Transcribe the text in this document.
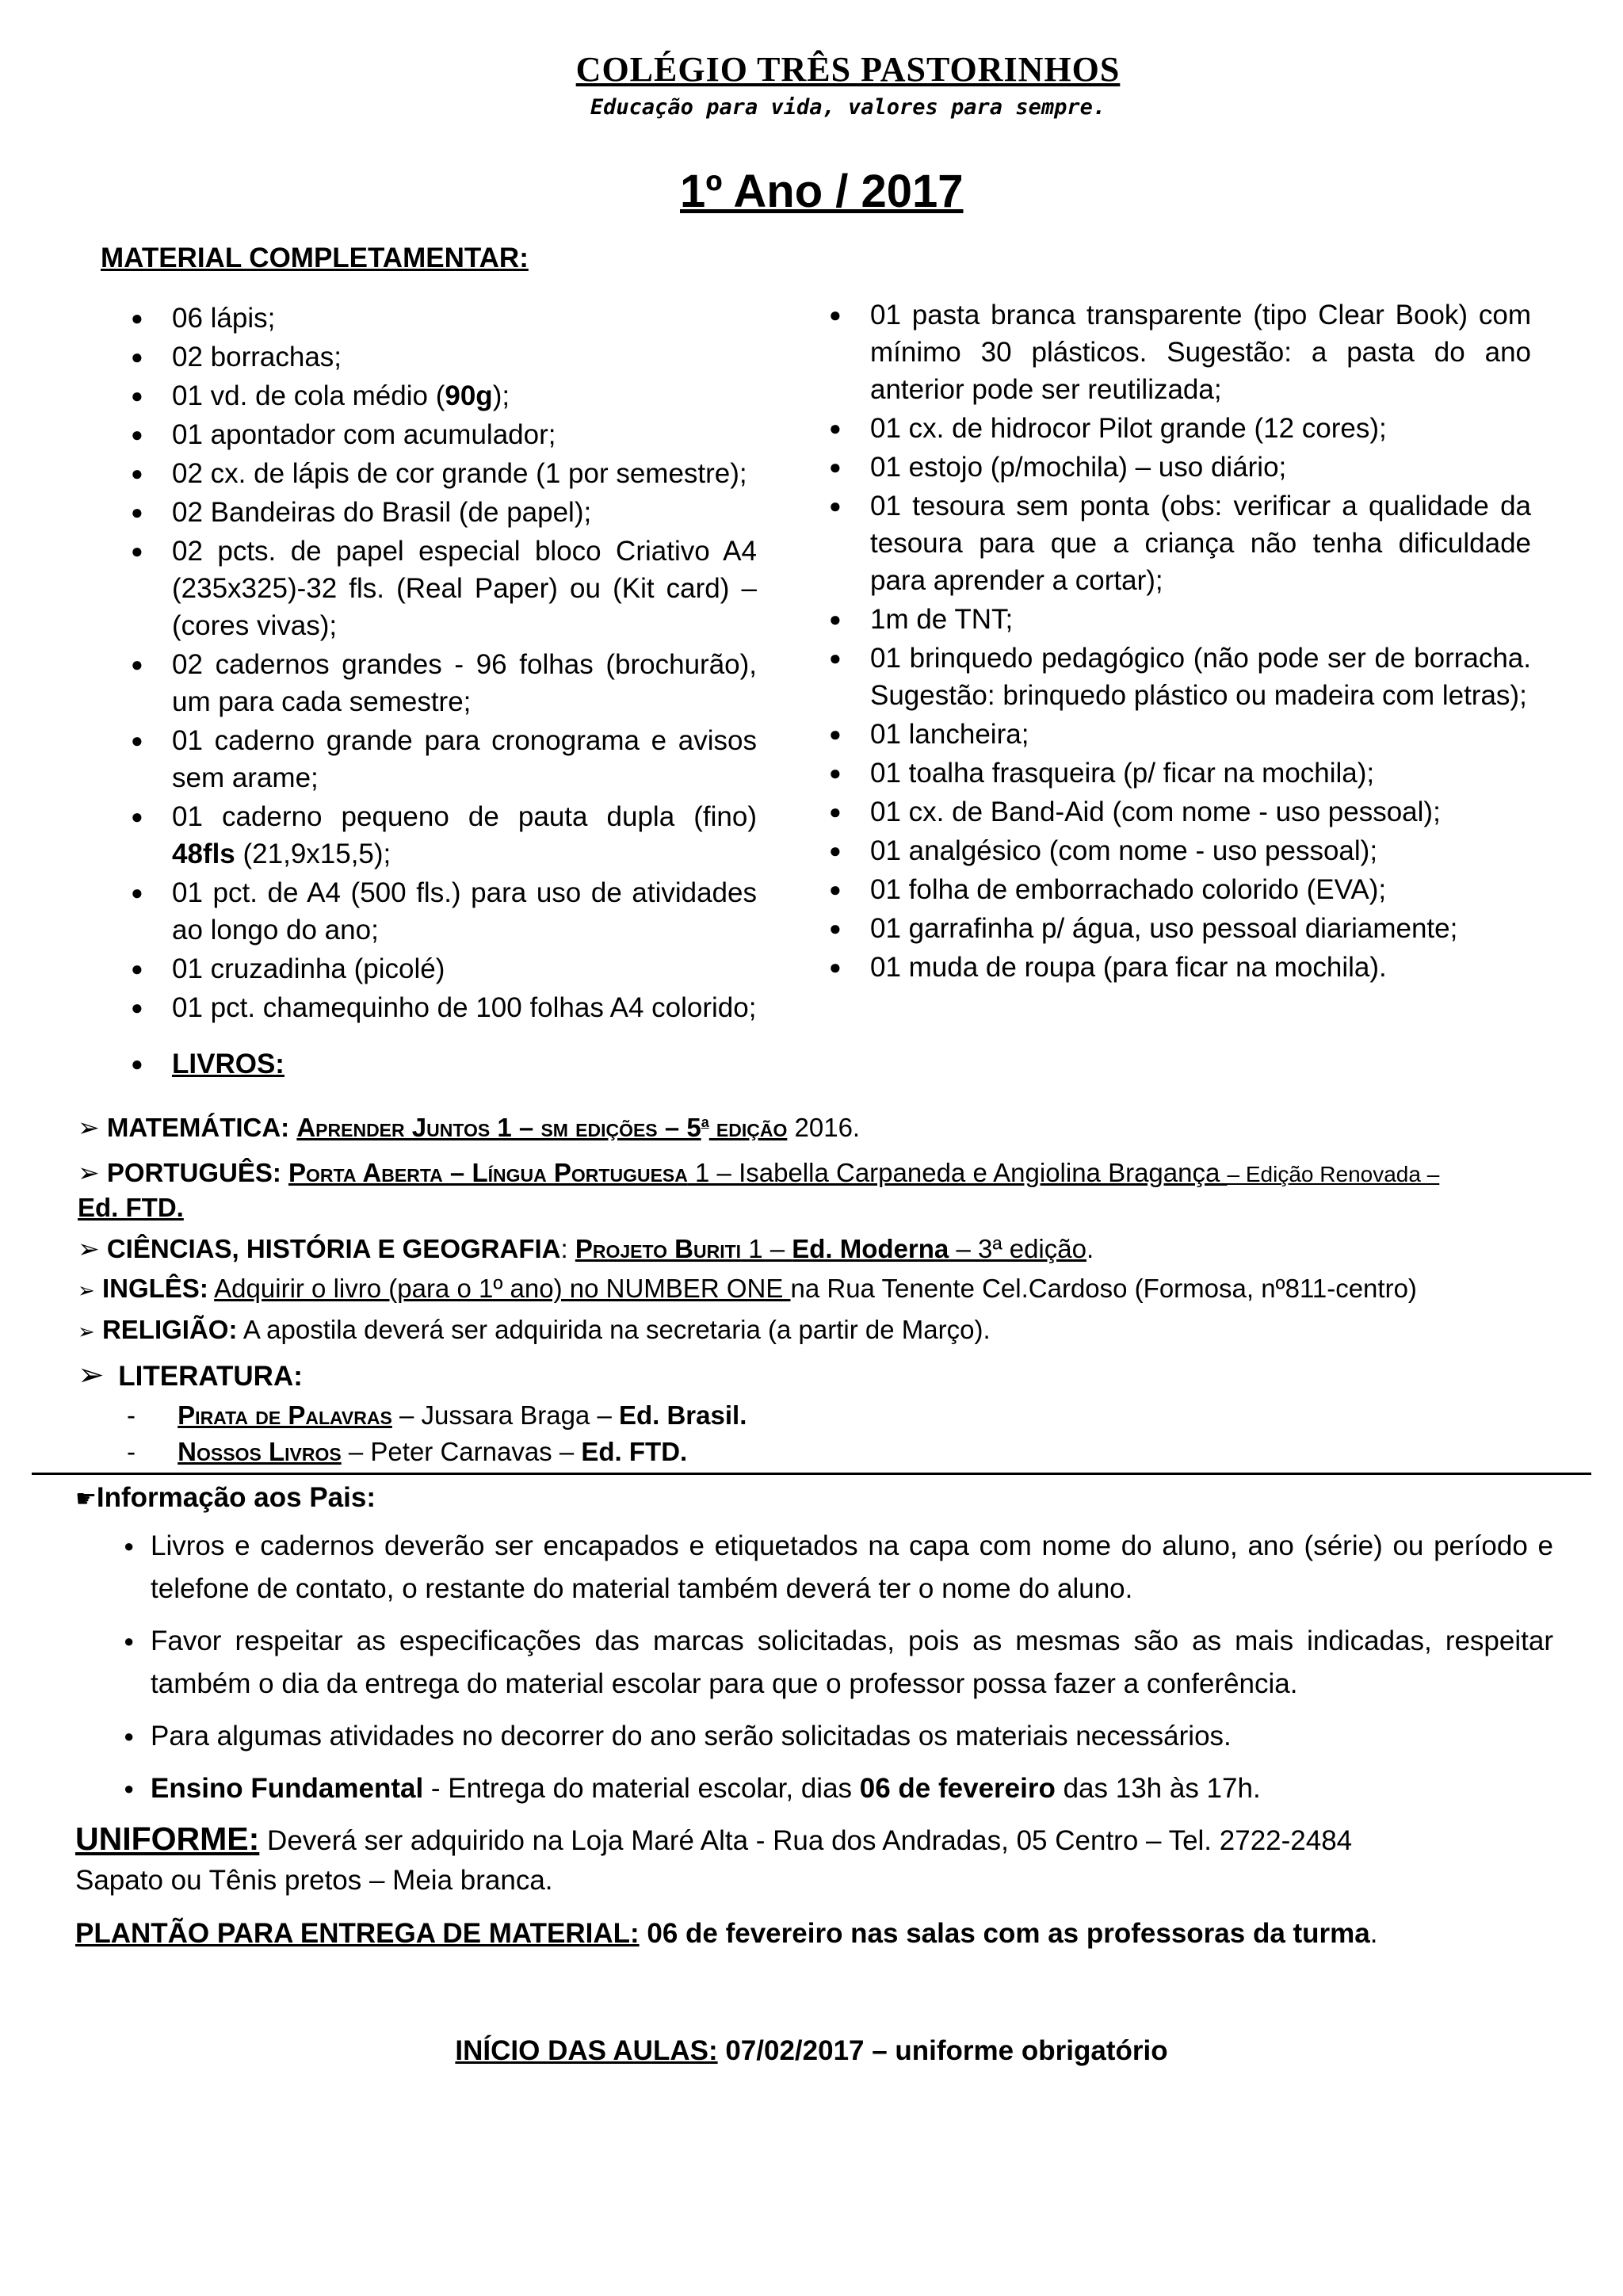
COLÉGIO TRÊS PASTORINHOS
Educação para vida, valores para sempre.
1º Ano / 2017
MATERIAL COMPLETAMENTAR:
● 06 lápis;
● 02 borrachas;
● 01 vd. de cola médio (90g);
● 01 apontador com acumulador;
● 02 cx. de lápis de cor grande (1 por semestre);
● 02 Bandeiras do Brasil (de papel);
● 02 pcts. de papel especial bloco Criativo A4 (235x325)-32 fls. (Real Paper) ou (Kit card) – (cores vivas);
● 02 cadernos grandes - 96 folhas (brochurão), um para cada semestre;
● 01 caderno grande para cronograma e avisos sem arame;
● 01 caderno pequeno de pauta dupla (fino) 48fls (21,9x15,5);
● 01 pct. de A4 (500 fls.) para uso de atividades ao longo do ano;
● 01 cruzadinha (picolé)
● 01 pct. chamequinho de 100 folhas A4 colorido;
● 01 pasta branca transparente (tipo Clear Book) com mínimo 30 plásticos. Sugestão: a pasta do ano anterior pode ser reutilizada;
● 01 cx. de hidrocor Pilot grande (12 cores);
● 01 estojo (p/mochila) – uso diário;
● 01 tesoura sem ponta (obs: verificar a qualidade da tesoura para que a criança não tenha dificuldade para aprender a cortar);
● 1m de TNT;
● 01 brinquedo pedagógico (não pode ser de borracha. Sugestão: brinquedo plástico ou madeira com letras);
● 01 lancheira;
● 01 toalha frasqueira (p/ ficar na mochila);
● 01 cx. de Band-Aid (com nome - uso pessoal);
● 01 analgésico (com nome - uso pessoal);
● 01 folha de emborrachado colorido (EVA);
● 01 garrafinha p/ água, uso pessoal diariamente;
● 01 muda de roupa (para ficar na mochila).
● LIVROS:
➢ MATEMÁTICA: Aprender Juntos 1 – sm edições – 5$^a$ edição 2016.
➢ PORTUGUÊS: Porta Aberta – Língua Portuguesa 1 – Isabella Carpaneda e Angiolina Bragança – Edição Renovada –
Ed. FTD.
➢ CIÊNCIAS, HISTÓRIA E GEOGRAFIA: Projeto Buriti 1 – Ed. Moderna – 3ª edição.
➢ INGLÊS: Adquirir o livro (para o 1º ano) no NUMBER ONE na Rua Tenente Cel.Cardoso (Formosa, nº811-centro)
➢ RELIGIÃO: A apostila deverá ser adquirida na secretaria (a partir de Março).
➢ LITERATURA:
- Pirata de Palavras – Jussara Braga – Ed. Brasil.
- Nossos Livros – Peter Carnavas – Ed. FTD.
☛Informação aos Pais:
● Livros e cadernos deverão ser encapados e etiquetados na capa com nome do aluno, ano (série) ou período e telefone de contato, o restante do material também deverá ter o nome do aluno.
● Favor respeitar as especificações das marcas solicitadas, pois as mesmas são as mais indicadas, respeitar também o dia da entrega do material escolar para que o professor possa fazer a conferência.
● Para algumas atividades no decorrer do ano serão solicitadas os materiais necessários.
● Ensino Fundamental - Entrega do material escolar, dias 06 de fevereiro das 13h às 17h.
UNIFORME: Deverá ser adquirido na Loja Maré Alta - Rua dos Andradas, 05 Centro – Tel. 2722-2484
Sapato ou Tênis pretos – Meia branca.
PLANTÃO PARA ENTREGA DE MATERIAL: 06 de fevereiro nas salas com as professoras da turma.
INÍCIO DAS AULAS: 07/02/2017 – uniforme obrigatório
